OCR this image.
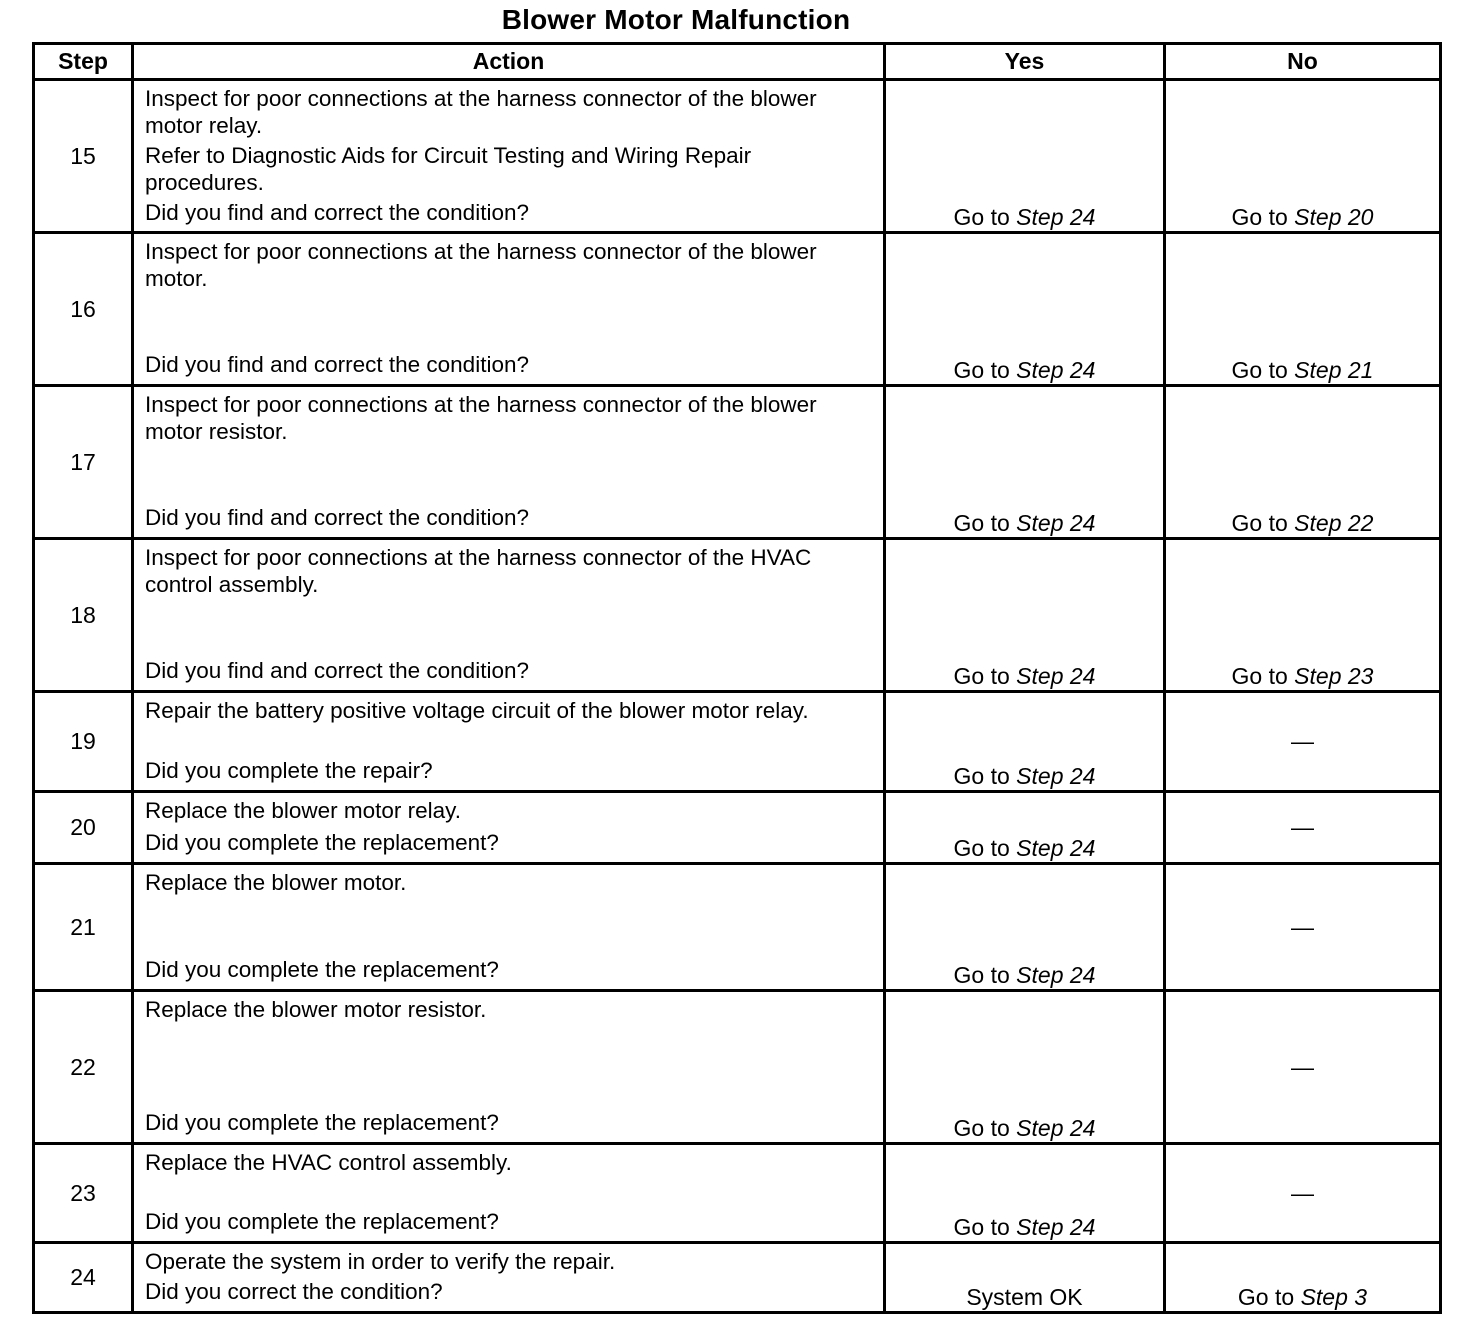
Blower Motor Malfunction
Step	Action	Yes	No
15	Inspect for poor connections at the harness connector of the blower motor relay.

Refer to Diagnostic Aids for Circuit Testing and Wiring Repair procedures.

Did you find and correct the condition?	Go to Step 24	Go to Step 20
16	Inspect for poor connections at the harness connector of the blower motor.

Did you find and correct the condition?	Go to Step 24	Go to Step 21
17	Inspect for poor connections at the harness connector of the blower motor resistor.

Did you find and correct the condition?	Go to Step 24	Go to Step 22
18	Inspect for poor connections at the harness connector of the HVAC control assembly.

Did you find and correct the condition?	Go to Step 24	Go to Step 23
19	Repair the battery positive voltage circuit of the blower motor relay.

Did you complete the repair?	Go to Step 24	—
20	Replace the blower motor relay.

Did you complete the replacement?	Go to Step 24	—
21	Replace the blower motor.

Did you complete the replacement?	Go to Step 24	—
22	Replace the blower motor resistor.

Did you complete the replacement?	Go to Step 24	—
23	Replace the HVAC control assembly.

Did you complete the replacement?	Go to Step 24	—
24	Operate the system in order to verify the repair.

Did you correct the condition?	System OK	Go to Step 3
